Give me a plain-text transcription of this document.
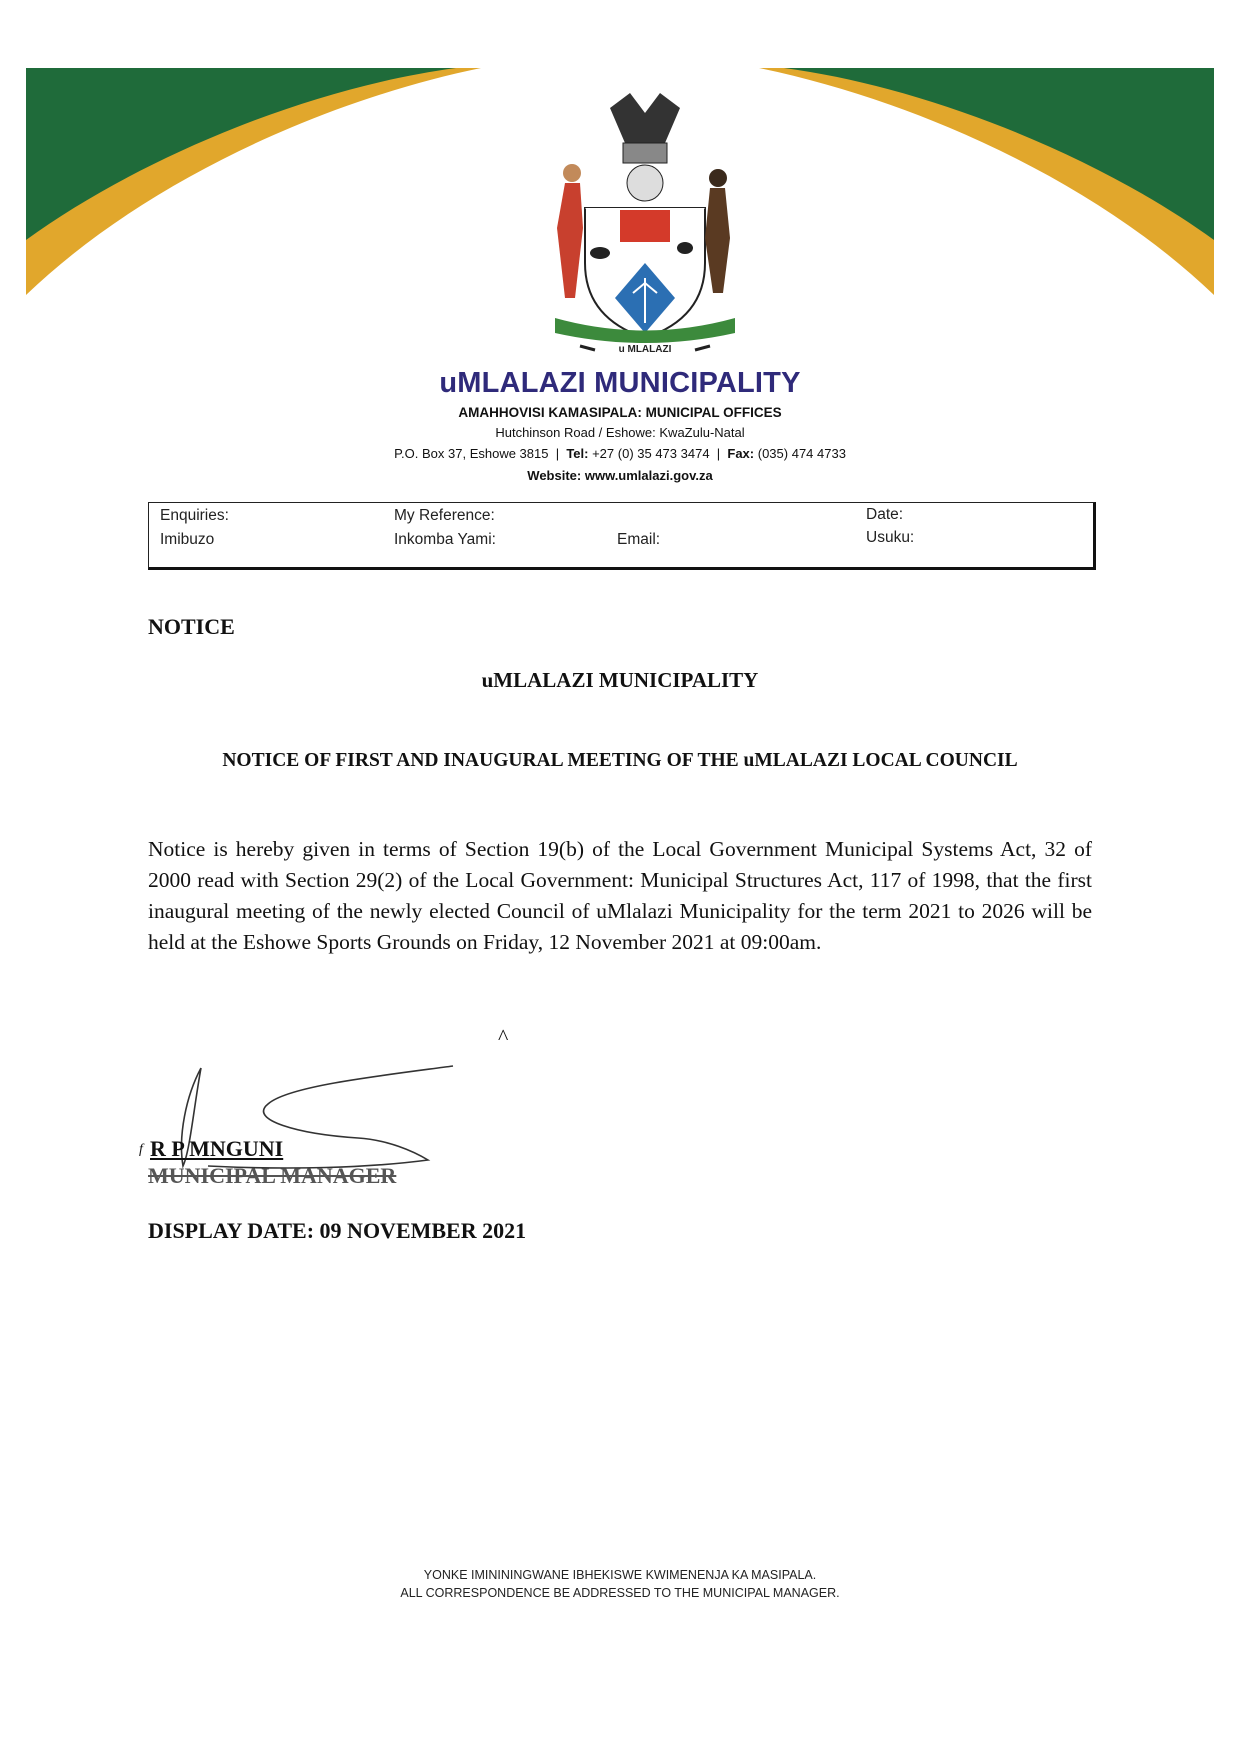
u MLALAZI
uMLALAZI MUNICIPALITY
AMAHHOVISI KAMASIPALA: MUNICIPAL OFFICES
Hutchinson Road / Eshowe: KwaZulu-Natal
P.O. Box 37, Eshowe 3815  |  Tel: +27 (0) 35 473 3474  |  Fax: (035) 474 4733
Website: www.umlalazi.gov.za
Enquiries:
Imibuzo
My Reference:
Inkomba Yami:	Email:
Date:
Usuku:
NOTICE
uMLALAZI MUNICIPALITY
NOTICE OF FIRST AND INAUGURAL MEETING OF THE uMLALAZI LOCAL COUNCIL
Notice is hereby given in terms of Section 19(b) of the Local Government Municipal Systems Act, 32 of 2000 read with Section 29(2) of the Local Government: Municipal Structures Act, 117 of 1998, that the first inaugural meeting of the newly elected Council of uMlalazi Municipality for the term 2021 to 2026 will be held at the Eshowe Sports Grounds on Friday, 12 November 2021 at 09:00am.
^
f R P MNGUNI
MUNICIPAL MANAGER
DISPLAY DATE: 09 NOVEMBER 2021
YONKE IMINININGWANE IBHEKISWE KWIMENENJA KA MASIPALA.
ALL CORRESPONDENCE BE ADDRESSED TO THE MUNICIPAL MANAGER.
